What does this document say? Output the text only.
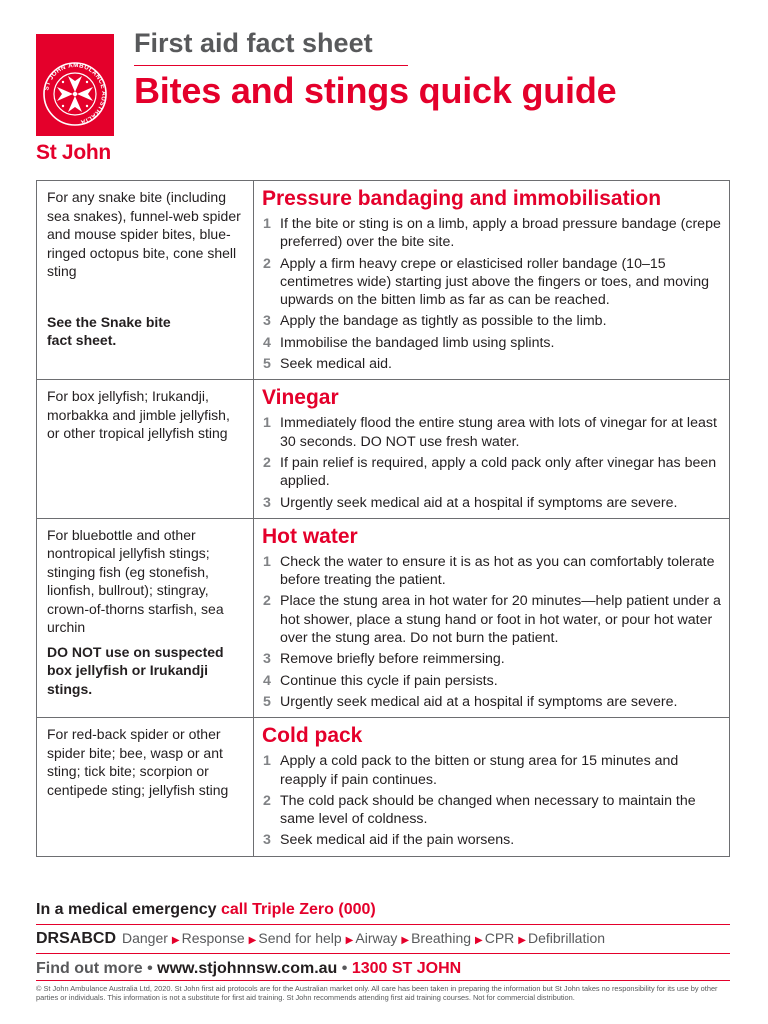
ST JOHN AMBULANCE AUSTRALIA
St John
First aid fact sheet
Bites and stings quick guide
For any snake bite (including sea snakes), funnel-web spider and mouse spider bites, blue-ringed octopus bite, cone shell sting
See the Snake bite
fact sheet.
Pressure bandaging and immobilisation
1 If the bite or sting is on a limb, apply a broad pressure bandage (crepe preferred) over the bite site.
2 Apply a firm heavy crepe or elasticised roller bandage (10–15 centimetres wide) starting just above the fingers or toes, and moving upwards on the bitten limb as far as can be reached.
3 Apply the bandage as tightly as possible to the limb.
4 Immobilise the bandaged limb using splints.
5 Seek medical aid.
For box jellyfish; Irukandji, morbakka and jimble jellyfish, or other tropical jellyfish sting
Vinegar
1 Immediately flood the entire stung area with lots of vinegar for at least 30 seconds. DO NOT use fresh water.
2 If pain relief is required, apply a cold pack only after vinegar has been applied.
3 Urgently seek medical aid at a hospital if symptoms are severe.
For bluebottle and other nontropical jellyfish stings; stinging fish (eg stonefish, lionfish, bullrout); stingray, crown-of-thorns starfish, sea urchin
DO NOT use on suspected box jellyfish or Irukandji stings.
Hot water
1 Check the water to ensure it is as hot as you can comfortably tolerate before treating the patient.
2 Place the stung area in hot water for 20 minutes—help patient under a hot shower, place a stung hand or foot in hot water, or pour hot water over the stung area. Do not burn the patient.
3 Remove briefly before reimmersing.
4 Continue this cycle if pain persists.
5 Urgently seek medical aid at a hospital if symptoms are severe.
For red-back spider or other spider bite; bee, wasp or ant sting; tick bite; scorpion or centipede sting; jellyfish sting
Cold pack
1 Apply a cold pack to the bitten or stung area for 15 minutes and reapply if pain continues.
2 The cold pack should be changed when necessary to maintain the same level of coldness.
3 Seek medical aid if the pain worsens.
In a medical emergency call Triple Zero (000)
DRSABCD Danger ▶ Response ▶ Send for help ▶ Airway ▶ Breathing ▶ CPR ▶ Defibrillation
Find out more • www.stjohnnsw.com.au • 1300 ST JOHN

© St John Ambulance Australia Ltd, 2020. St John first aid protocols are for the Australian market only. All care has been taken in preparing the information but St John takes no responsibility for its use by other parties or individuals. This information is not a substitute for first aid training. St John recommends attending first aid training courses. Not for commercial distribution.
